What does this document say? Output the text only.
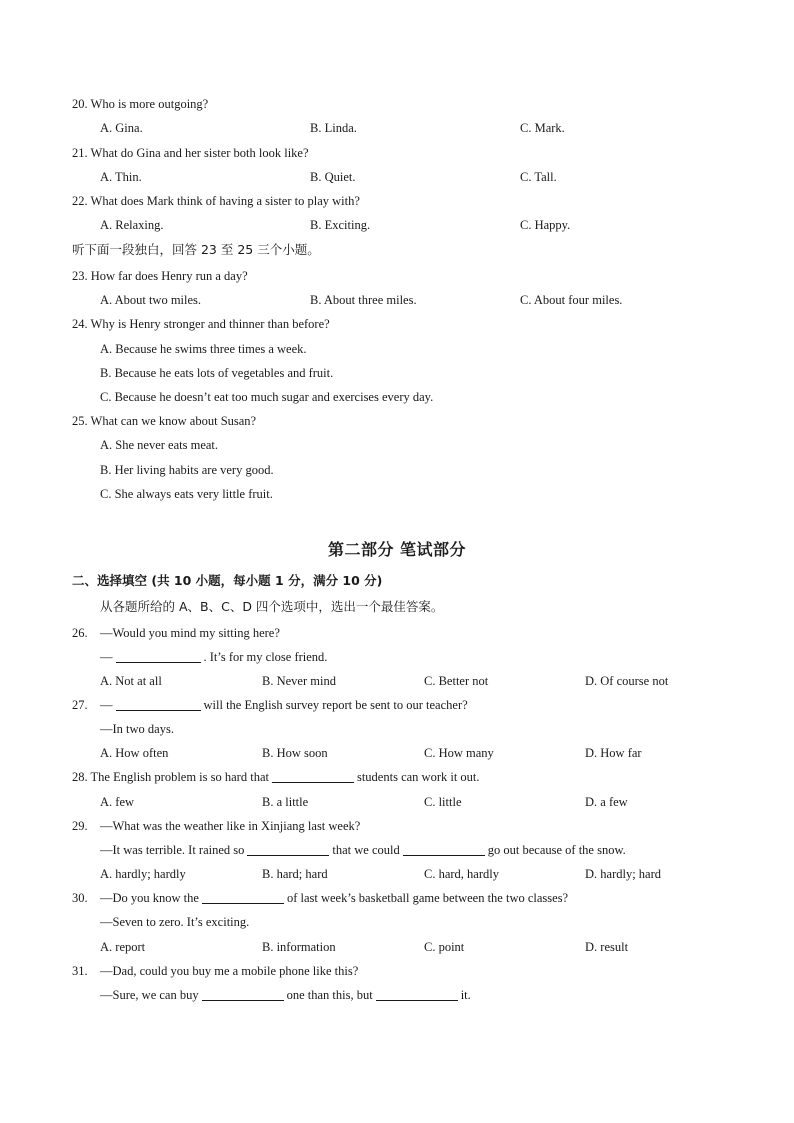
20. Who is more outgoing?
A. Gina.	B. Linda.	C. Mark.
21. What do Gina and her sister both look like?
A. Thin.	B. Quiet.	C. Tall.
22. What does Mark think of having a sister to play with?
A. Relaxing.	B. Exciting.	C. Happy.
听下面一段独白，回答 23 至 25 三个小题。
23. How far does Henry run a day?
A. About two miles.	B. About three miles.	C. About four miles.
24. Why is Henry stronger and thinner than before?
A. Because he swims three times a week.
B. Because he eats lots of vegetables and fruit.
C. Because he doesn’t eat too much sugar and exercises every day.
25. What can we know about Susan?
A. She never eats meat.
B. Her living habits are very good.
C. She always eats very little fruit.
第二部分 笔试部分
二、选择填空 (共 10 小题，每小题 1 分，满分 10 分)
从各题所给的 A、B、C、D 四个选项中，选出一个最佳答案。
26. —Would you mind my sitting here?
—	. It’s for my close friend.
A. Not at all	B. Never mind	C. Better not	D. Of course not
27. —	will the English survey report be sent to our teacher?
—In two days.
A. How often	B. How soon	C. How many	D. How far
28. The English problem is so hard that	students can work it out.
A. few	B. a little	C. little	D. a few
29. —What was the weather like in Xinjiang last week?
—It was terrible. It rained so	that we could	go out because of the snow.
A. hardly; hardly	B. hard; hard	C. hard, hardly	D. hardly; hard
30. —Do you know the	of last week’s basketball game between the two classes?
—Seven to zero. It’s exciting.
A. report	B. information	C. point	D. result
31. —Dad, could you buy me a mobile phone like this?
—Sure, we can buy	one than this, but	it.
